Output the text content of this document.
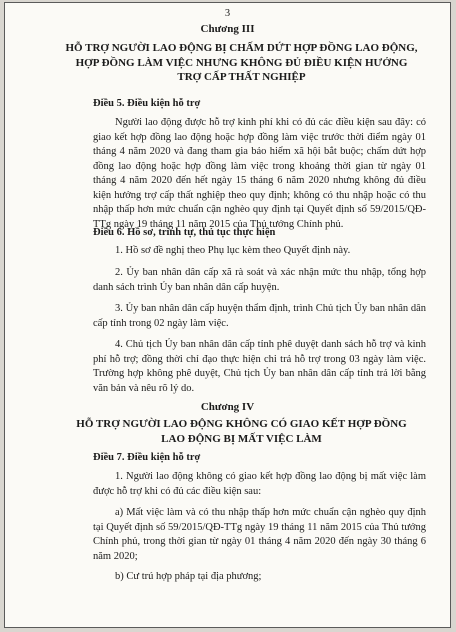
3
Chương III
HỖ TRỢ NGƯỜI LAO ĐỘNG BỊ CHẤM DỨT HỢP ĐỒNG LAO ĐỘNG, HỢP ĐỒNG LÀM VIỆC NHƯNG KHÔNG ĐỦ ĐIỀU KIỆN HƯỞNG TRỢ CẤP THẤT NGHIỆP
Điều 5. Điều kiện hỗ trợ
Người lao động được hỗ trợ kinh phí khi có đủ các điều kiện sau đây: có giao kết hợp đồng lao động hoặc hợp đồng làm việc trước thời điểm ngày 01 tháng 4 năm 2020 và đang tham gia bảo hiểm xã hội bắt buộc; chấm dứt hợp đồng lao động hoặc hợp đồng làm việc trong khoảng thời gian từ ngày 01 tháng 4 năm 2020 đến hết ngày 15 tháng 6 năm 2020 nhưng không đủ điều kiện hưởng trợ cấp thất nghiệp theo quy định; không có thu nhập hoặc có thu nhập thấp hơn mức chuẩn cận nghèo quy định tại Quyết định số 59/2015/QĐ-TTg ngày 19 tháng 11 năm 2015 của Thủ tướng Chính phủ.
Điều 6. Hồ sơ, trình tự, thủ tục thực hiện
1. Hồ sơ đề nghị theo Phụ lục kèm theo Quyết định này.
2. Ủy ban nhân dân cấp xã rà soát và xác nhận mức thu nhập, tổng hợp danh sách trình Ủy ban nhân dân cấp huyện.
3. Ủy ban nhân dân cấp huyện thẩm định, trình Chủ tịch Ủy ban nhân dân cấp tỉnh trong 02 ngày làm việc.
4. Chủ tịch Ủy ban nhân dân cấp tỉnh phê duyệt danh sách hỗ trợ và kinh phí hỗ trợ; đồng thời chỉ đạo thực hiện chi trả hỗ trợ trong 03 ngày làm việc. Trường hợp không phê duyệt, Chủ tịch Ủy ban nhân dân cấp tỉnh trả lời bằng văn bản và nêu rõ lý do.
Chương IV
HỖ TRỢ NGƯỜI LAO ĐỘNG KHÔNG CÓ GIAO KẾT HỢP ĐỒNG LAO ĐỘNG BỊ MẤT VIỆC LÀM
Điều 7. Điều kiện hỗ trợ
1. Người lao động không có giao kết hợp đồng lao động bị mất việc làm được hỗ trợ khi có đủ các điều kiện sau:
a) Mất việc làm và có thu nhập thấp hơn mức chuẩn cận nghèo quy định tại Quyết định số 59/2015/QĐ-TTg ngày 19 tháng 11 năm 2015 của Thủ tướng Chính phủ, trong thời gian từ ngày 01 tháng 4 năm 2020 đến ngày 30 tháng 6 năm 2020;
b) Cư trú hợp pháp tại địa phương;
